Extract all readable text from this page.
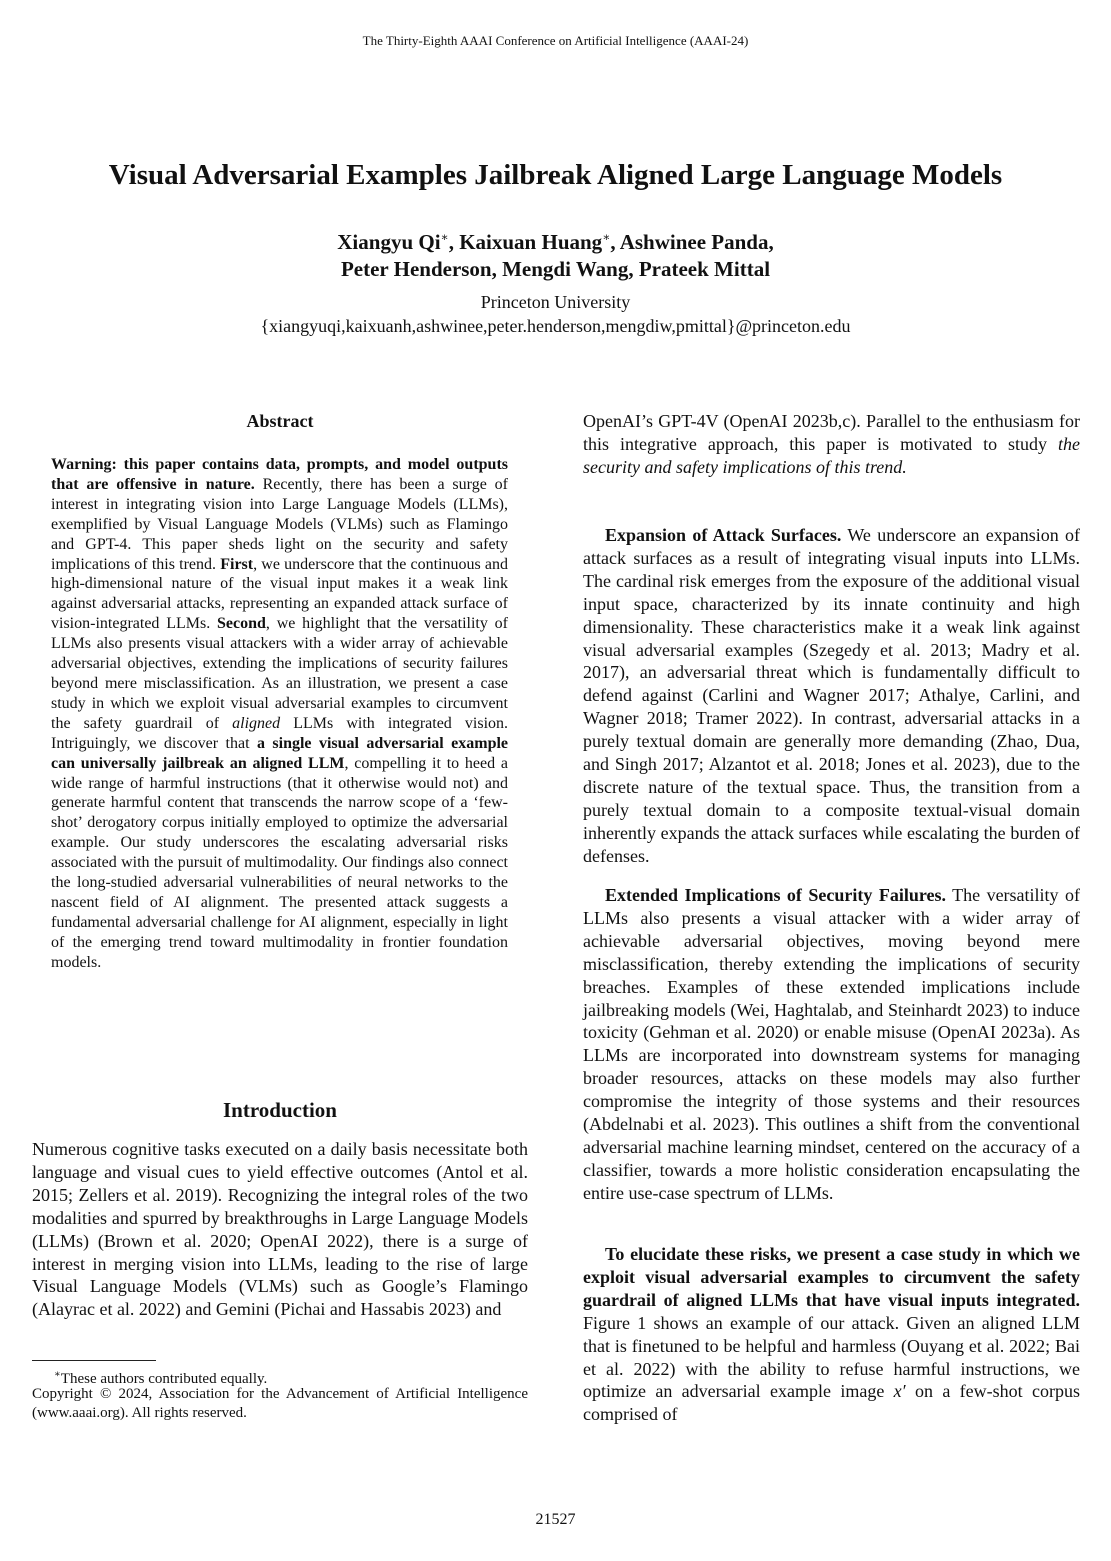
The Thirty-Eighth AAAI Conference on Artificial Intelligence (AAAI-24)
Visual Adversarial Examples Jailbreak Aligned Large Language Models
Xiangyu Qi∗, Kaixuan Huang∗, Ashwinee Panda,
Peter Henderson, Mengdi Wang, Prateek Mittal
Princeton University
{xiangyuqi,kaixuanh,ashwinee,peter.henderson,mengdiw,pmittal}@princeton.edu
Abstract

Warning: this paper contains data, prompts, and model outputs that are offensive in nature. Recently, there has been a surge of interest in integrating vision into Large Language Models (LLMs), exemplified by Visual Language Models (VLMs) such as Flamingo and GPT-4. This paper sheds light on the security and safety implications of this trend. First, we underscore that the continuous and high-dimensional nature of the visual input makes it a weak link against adversarial attacks, representing an expanded attack surface of vision-integrated LLMs. Second, we highlight that the versatility of LLMs also presents visual attackers with a wider array of achievable adversarial objectives, extending the implications of security failures beyond mere misclassification. As an illustration, we present a case study in which we exploit visual adversarial examples to circumvent the safety guardrail of aligned LLMs with integrated vision. Intriguingly, we discover that a single visual adversarial example can universally jailbreak an aligned LLM, compelling it to heed a wide range of harmful instructions (that it otherwise would not) and generate harmful content that transcends the narrow scope of a ‘few-shot’ derogatory corpus initially employed to optimize the adversarial example. Our study underscores the escalating adversarial risks associated with the pursuit of multimodality. Our findings also connect the long-studied adversarial vulnerabilities of neural networks to the nascent field of AI alignment. The presented attack suggests a fundamental adversarial challenge for AI alignment, especially in light of the emerging trend toward multimodality in frontier foundation models.

Introduction

Numerous cognitive tasks executed on a daily basis necessitate both language and visual cues to yield effective outcomes (Antol et al. 2015; Zellers et al. 2019). Recognizing the integral roles of the two modalities and spurred by breakthroughs in Large Language Models (LLMs) (Brown et al. 2020; OpenAI 2022), there is a surge of interest in merging vision into LLMs, leading to the rise of large Visual Language Models (VLMs) such as Google’s Flamingo (Alayrac et al. 2022) and Gemini (Pichai and Hassabis 2023) and

∗These authors contributed equally.

Copyright © 2024, Association for the Advancement of Artificial Intelligence (www.aaai.org). All rights reserved.

OpenAI’s GPT-4V (OpenAI 2023b,c). Parallel to the enthusiasm for this integrative approach, this paper is motivated to study the security and safety implications of this trend.

Expansion of Attack Surfaces. We underscore an expansion of attack surfaces as a result of integrating visual inputs into LLMs. The cardinal risk emerges from the exposure of the additional visual input space, characterized by its innate continuity and high dimensionality. These characteristics make it a weak link against visual adversarial examples (Szegedy et al. 2013; Madry et al. 2017), an adversarial threat which is fundamentally difficult to defend against (Carlini and Wagner 2017; Athalye, Carlini, and Wagner 2018; Tramer 2022). In contrast, adversarial attacks in a purely textual domain are generally more demanding (Zhao, Dua, and Singh 2017; Alzantot et al. 2018; Jones et al. 2023), due to the discrete nature of the textual space. Thus, the transition from a purely textual domain to a composite textual-visual domain inherently expands the attack surfaces while escalating the burden of defenses.

Extended Implications of Security Failures. The versatility of LLMs also presents a visual attacker with a wider array of achievable adversarial objectives, moving beyond mere misclassification, thereby extending the implications of security breaches. Examples of these extended implications include jailbreaking models (Wei, Haghtalab, and Steinhardt 2023) to induce toxicity (Gehman et al. 2020) or enable misuse (OpenAI 2023a). As LLMs are incorporated into downstream systems for managing broader resources, attacks on these models may also further compromise the integrity of those systems and their resources (Abdelnabi et al. 2023). This outlines a shift from the conventional adversarial machine learning mindset, centered on the accuracy of a classifier, towards a more holistic consideration encapsulating the entire use-case spectrum of LLMs.

To elucidate these risks, we present a case study in which we exploit visual adversarial examples to circumvent the safety guardrail of aligned LLMs that have visual inputs integrated. Figure 1 shows an example of our attack. Given an aligned LLM that is finetuned to be helpful and harmless (Ouyang et al. 2022; Bai et al. 2022) with the ability to refuse harmful instructions, we optimize an adversarial example image x′ on a few-shot corpus comprised of

21527
